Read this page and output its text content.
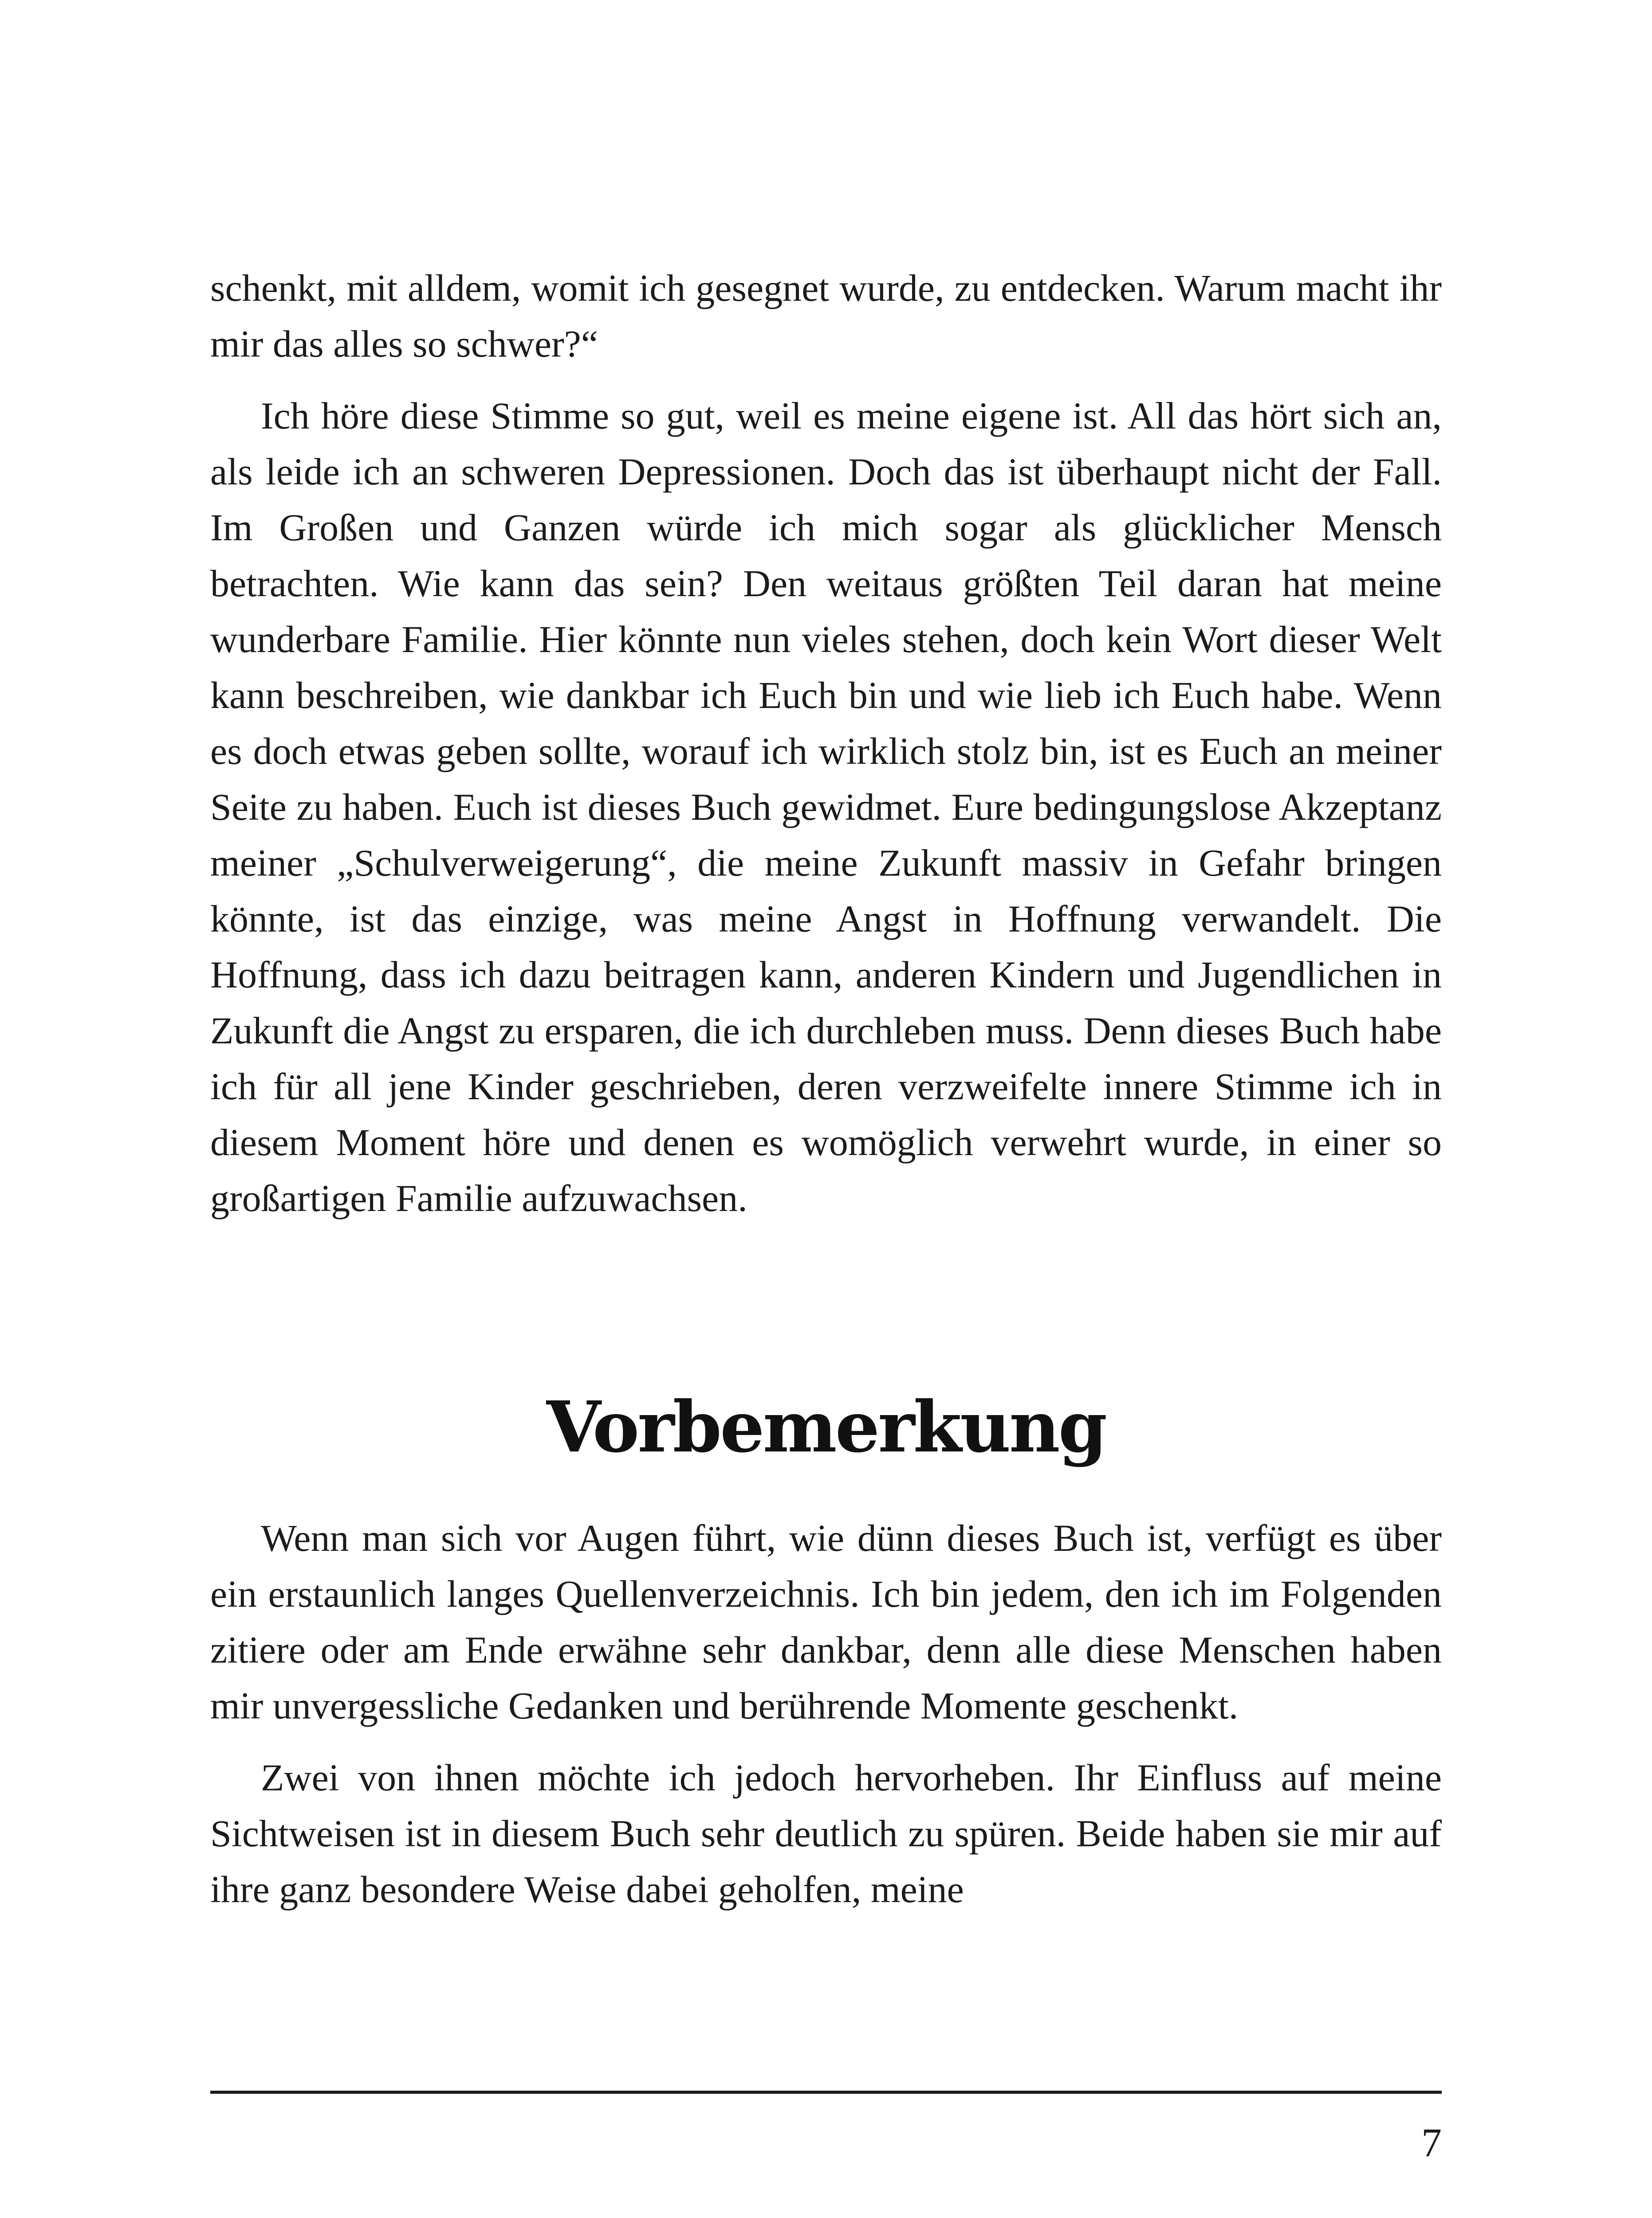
schenkt, mit alldem, womit ich gesegnet wurde, zu entdecken. Warum macht ihr mir das alles so schwer?“

Ich höre diese Stimme so gut, weil es meine eigene ist. All das hört sich an, als leide ich an schweren Depressionen. Doch das ist überhaupt nicht der Fall. Im Großen und Ganzen würde ich mich sogar als glücklicher Mensch betrachten. Wie kann das sein? Den weitaus größten Teil daran hat meine wunderbare Familie. Hier könnte nun vieles stehen, doch kein Wort dieser Welt kann beschreiben, wie dankbar ich Euch bin und wie lieb ich Euch habe. Wenn es doch etwas geben sollte, worauf ich wirklich stolz bin, ist es Euch an meiner Seite zu haben. Euch ist dieses Buch gewidmet. Eure bedingungslose Akzeptanz meiner „Schulverweigerung“, die meine Zukunft massiv in Gefahr bringen könnte, ist das einzige, was meine Angst in Hoffnung verwandelt. Die Hoffnung, dass ich dazu beitragen kann, anderen Kindern und Jugendlichen in Zukunft die Angst zu ersparen, die ich durchleben muss. Denn dieses Buch habe ich für all jene Kinder geschrieben, deren verzweifelte innere Stimme ich in diesem Moment höre und denen es womöglich verwehrt wurde, in einer so großartigen Familie aufzuwachsen.

Vorbemerkung

Wenn man sich vor Augen führt, wie dünn dieses Buch ist, verfügt es über ein erstaunlich langes Quellenverzeichnis. Ich bin jedem, den ich im Folgenden zitiere oder am Ende erwähne sehr dankbar, denn alle diese Menschen haben mir unvergessliche Gedanken und berührende Momente geschenkt.

Zwei von ihnen möchte ich jedoch hervorheben. Ihr Einfluss auf meine Sichtweisen ist in diesem Buch sehr deutlich zu spüren. Beide haben sie mir auf ihre ganz besondere Weise dabei geholfen, meine

7
